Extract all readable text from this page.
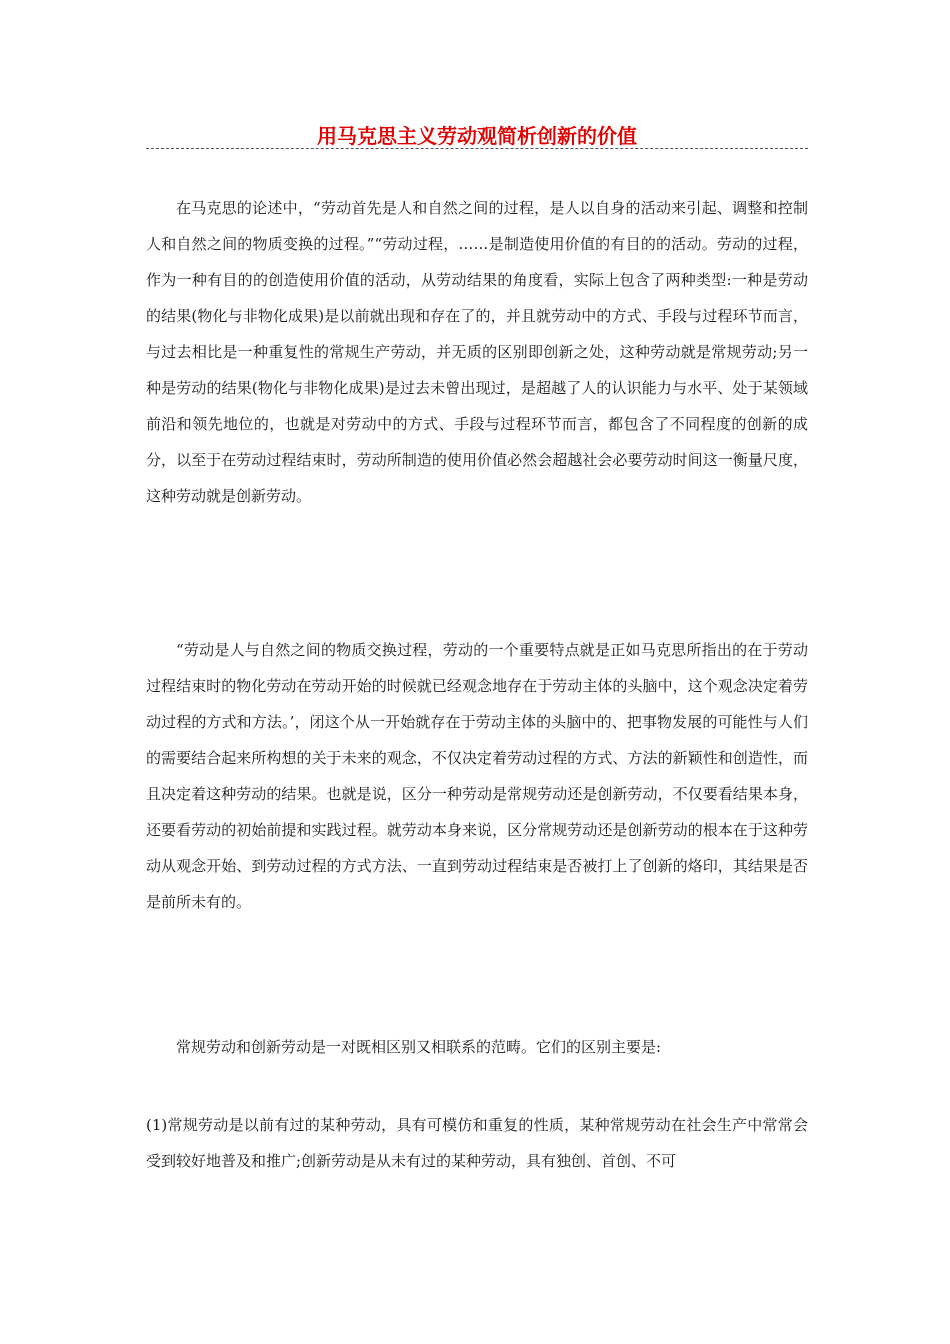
用马克思主义劳动观简析创新的价值

在马克思的论述中，“劳动首先是人和自然之间的过程，是人以自身的活动来引起、调整和控制人和自然之间的物质变换的过程。”“劳动过程，……是制造使用价值的有目的的活动。劳动的过程，作为一种有目的的创造使用价值的活动，从劳动结果的角度看，实际上包含了两种类型:一种是劳动的结果(物化与非物化成果)是以前就出现和存在了的，并且就劳动中的方式、手段与过程环节而言，与过去相比是一种重复性的常规生产劳动，并无质的区别即创新之处，这种劳动就是常规劳动;另一种是劳动的结果(物化与非物化成果)是过去未曾出现过，是超越了人的认识能力与水平、处于某领域前沿和领先地位的，也就是对劳动中的方式、手段与过程环节而言，都包含了不同程度的创新的成分，以至于在劳动过程结束时，劳动所制造的使用价值必然会超越社会必要劳动时间这一衡量尺度，这种劳动就是创新劳动。

“劳动是人与自然之间的物质交换过程，劳动的一个重要特点就是正如马克思所指出的在于劳动过程结束时的物化劳动在劳动开始的时候就已经观念地存在于劳动主体的头脑中，这个观念决定着劳动过程的方式和方法。’，闭这个从一开始就存在于劳动主体的头脑中的、把事物发展的可能性与人们的需要结合起来所构想的关于未来的观念，不仅决定着劳动过程的方式、方法的新颖性和创造性，而且决定着这种劳动的结果。也就是说，区分一种劳动是常规劳动还是创新劳动，不仅要看结果本身，还要看劳动的初始前提和实践过程。就劳动本身来说，区分常规劳动还是创新劳动的根本在于这种劳动从观念开始、到劳动过程的方式方法、一直到劳动过程结束是否被打上了创新的烙印，其结果是否是前所未有的。

常规劳动和创新劳动是一对既相区别又相联系的范畴。它们的区别主要是:

(1)常规劳动是以前有过的某种劳动，具有可模仿和重复的性质，某种常规劳动在社会生产中常常会受到较好地普及和推广;创新劳动是从未有过的某种劳动，具有独创、首创、不可
